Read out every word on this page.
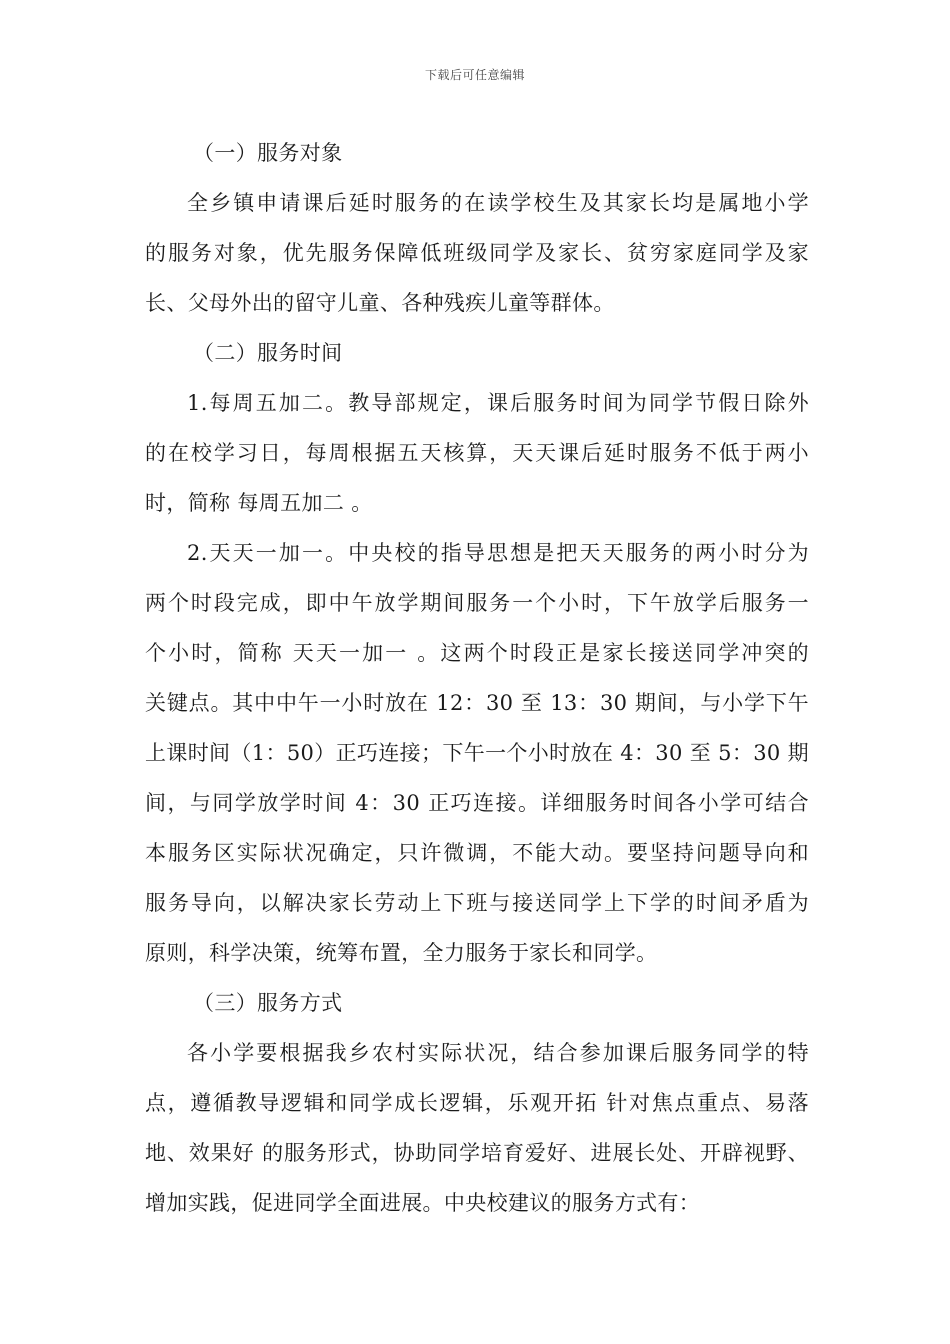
下载后可任意编辑
（一）服务对象
全乡镇申请课后延时服务的在读学校生及其家长均是属地小学
的服务对象，优先服务保障低班级同学及家长、贫穷家庭同学及家
长、父母外出的留守儿童、各种残疾儿童等群体。
（二）服务时间
1.每周五加二。教导部规定，课后服务时间为同学节假日除外
的在校学习日，每周根据五天核算，天天课后延时服务不低于两小
时，简称 每周五加二 。
2.天天一加一。中央校的指导思想是把天天服务的两小时分为
两个时段完成，即中午放学期间服务一个小时，下午放学后服务一
个小时，简称 天天一加一 。这两个时段正是家长接送同学冲突的
关键点。其中中午一小时放在 12：30 至 13：30 期间，与小学下午
上课时间（1：50）正巧连接；下午一个小时放在 4：30 至 5：30 期
间，与同学放学时间 4：30 正巧连接。详细服务时间各小学可结合
本服务区实际状况确定，只许微调，不能大动。要坚持问题导向和
服务导向，以解决家长劳动上下班与接送同学上下学的时间矛盾为
原则，科学决策，统筹布置，全力服务于家长和同学。
（三）服务方式
各小学要根据我乡农村实际状况，结合参加课后服务同学的特
点，遵循教导逻辑和同学成长逻辑，乐观开拓 针对焦点重点、易落
地、效果好 的服务形式，协助同学培育爱好、进展长处、开辟视野、
增加实践，促进同学全面进展。中央校建议的服务方式有：
